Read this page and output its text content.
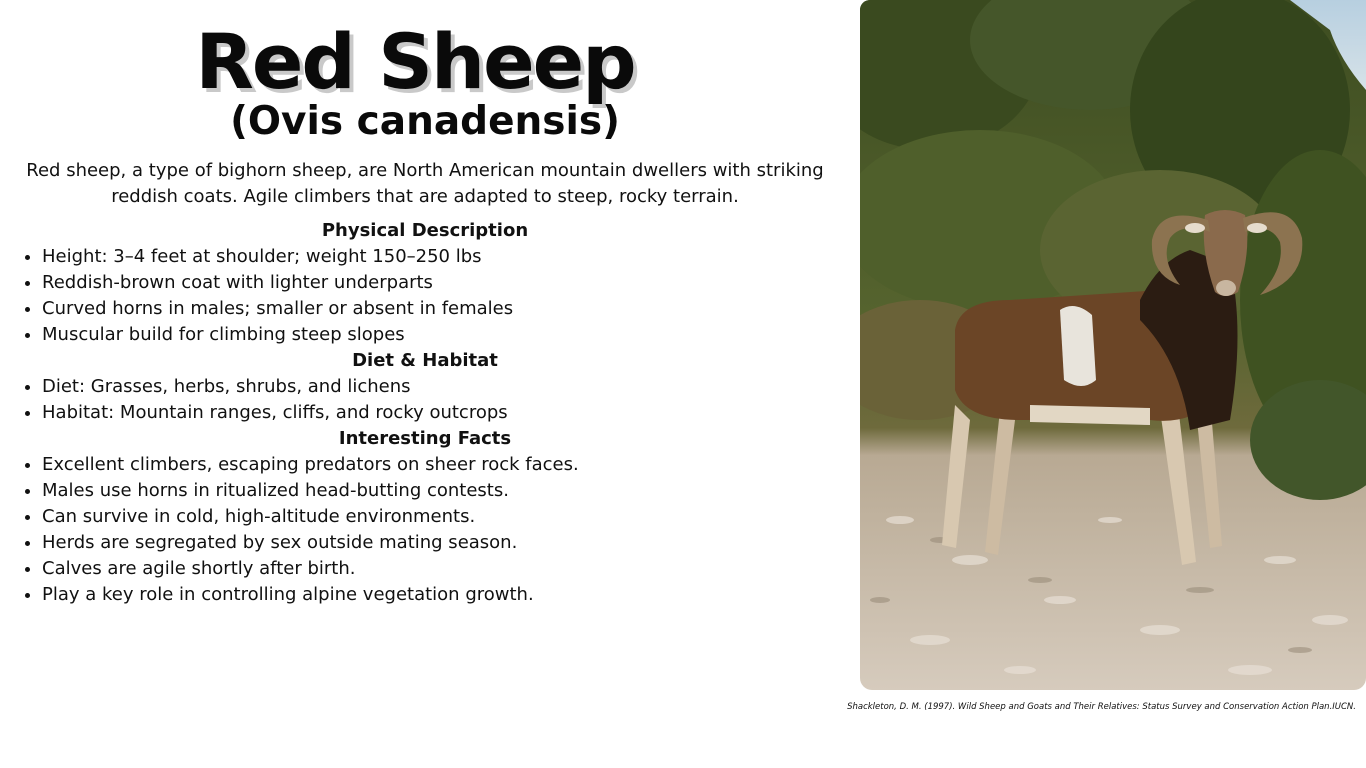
Red Sheep
(Ovis canadensis)

Red sheep, a type of bighorn sheep, are North American mountain dwellers with striking reddish coats. Agile climbers that are adapted to steep, rocky terrain.

Physical Description

• Height: 3–4 feet at shoulder; weight 150–250 lbs
• Reddish-brown coat with lighter underparts
• Curved horns in males; smaller or absent in females
• Muscular build for climbing steep slopes

Diet & Habitat

• Diet: Grasses, herbs, shrubs, and lichens
• Habitat: Mountain ranges, cliffs, and rocky outcrops

Interesting Facts

• Excellent climbers, escaping predators on sheer rock faces.
• Males use horns in ritualized head-butting contests.
• Can survive in cold, high-altitude environments.
• Herds are segregated by sex outside mating season.
• Calves are agile shortly after birth.
• Play a key role in controlling alpine vegetation growth.

Shackleton, D. M. (1997). Wild Sheep and Goats and Their Relatives: Status Survey and Conservation Action Plan.IUCN.
